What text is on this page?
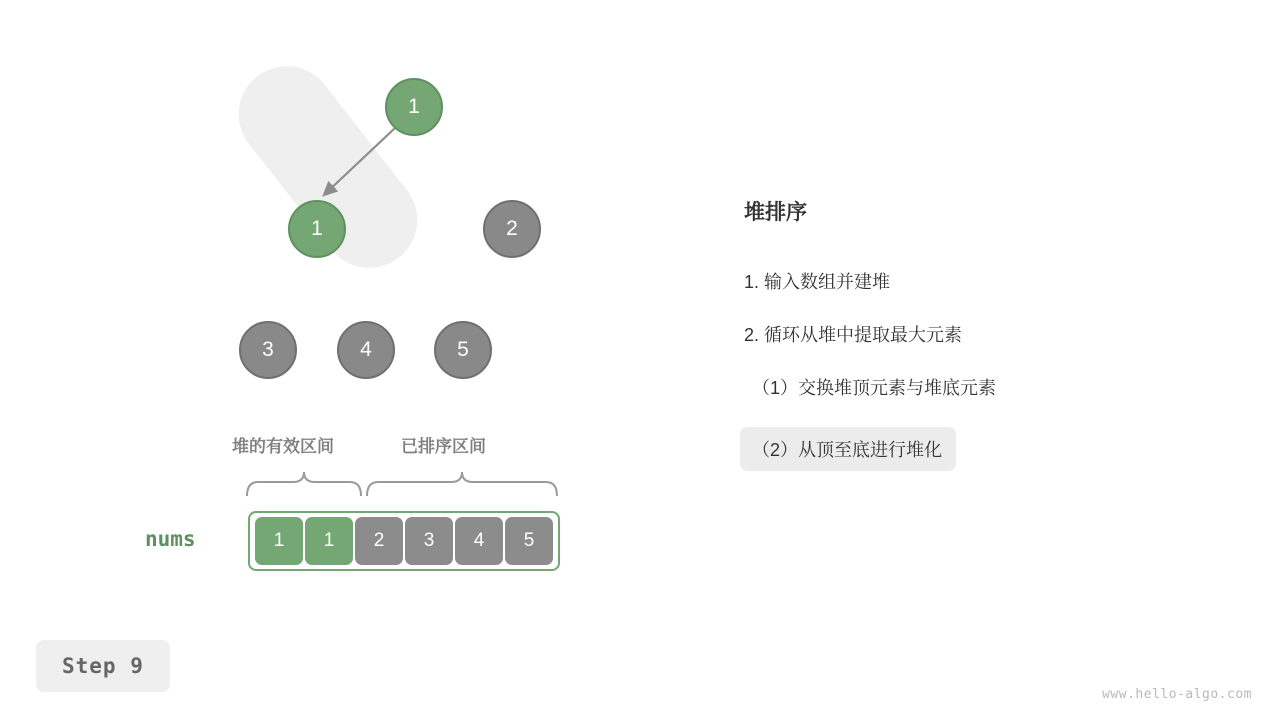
1
1	2
3	4	5
堆的有效区间	已排序区间
nums	1 1 2 3 4 5
堆排序
1. 输入数组并建堆
2. 循环从堆中提取最大元素
（1）交换堆顶元素与堆底元素
（2）从顶至底进行堆化
Step 9
www.hello-algo.com
